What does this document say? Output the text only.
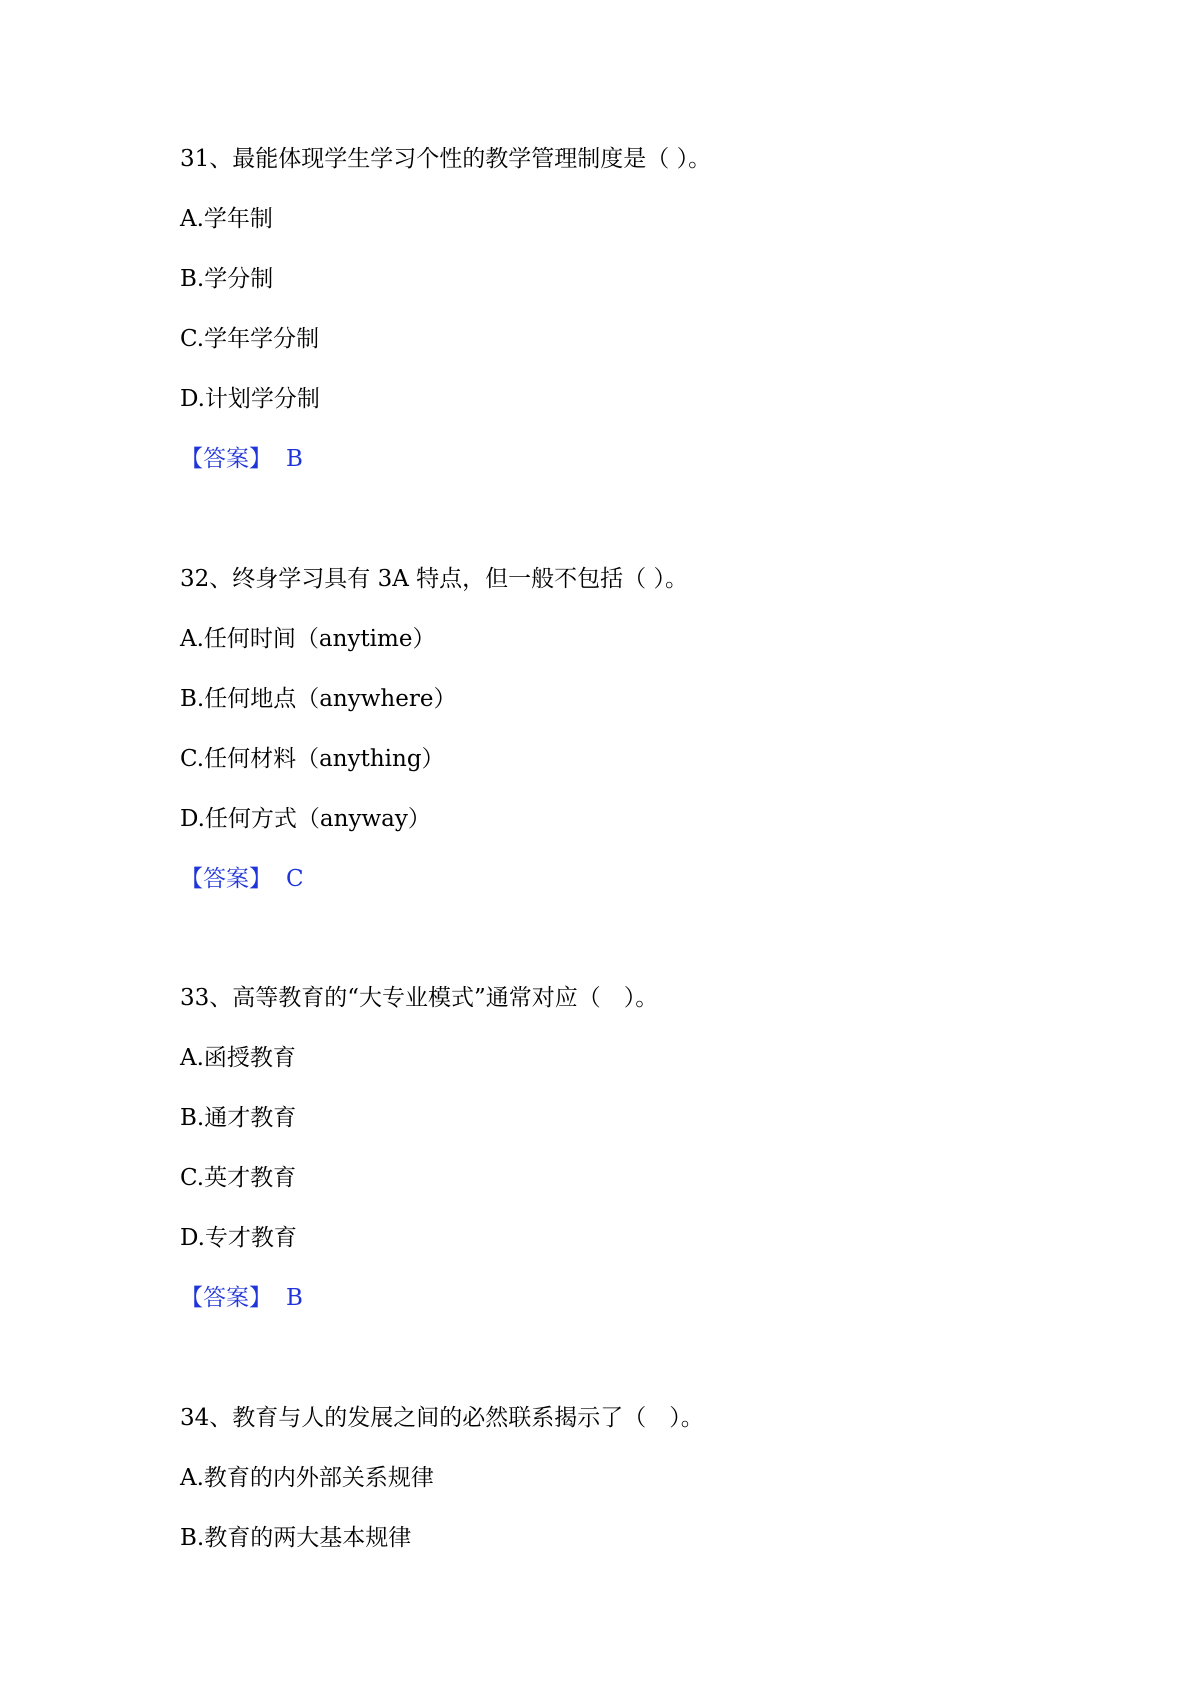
31、最能体现学生学习个性的教学管理制度是（ ）。
A.学年制
B.学分制
C.学年学分制
D.计划学分制
【答案】 B
32、终身学习具有 3A 特点，但一般不包括（ ）。
A.任何时间（anytime）
B.任何地点（anywhere）
C.任何材料（anything）
D.任何方式（anyway）
【答案】 C
33、高等教育的“大专业模式”通常对应（　）。
A.函授教育
B.通才教育
C.英才教育
D.专才教育
【答案】 B
34、教育与人的发展之间的必然联系揭示了（　）。
A.教育的内外部关系规律
B.教育的两大基本规律
